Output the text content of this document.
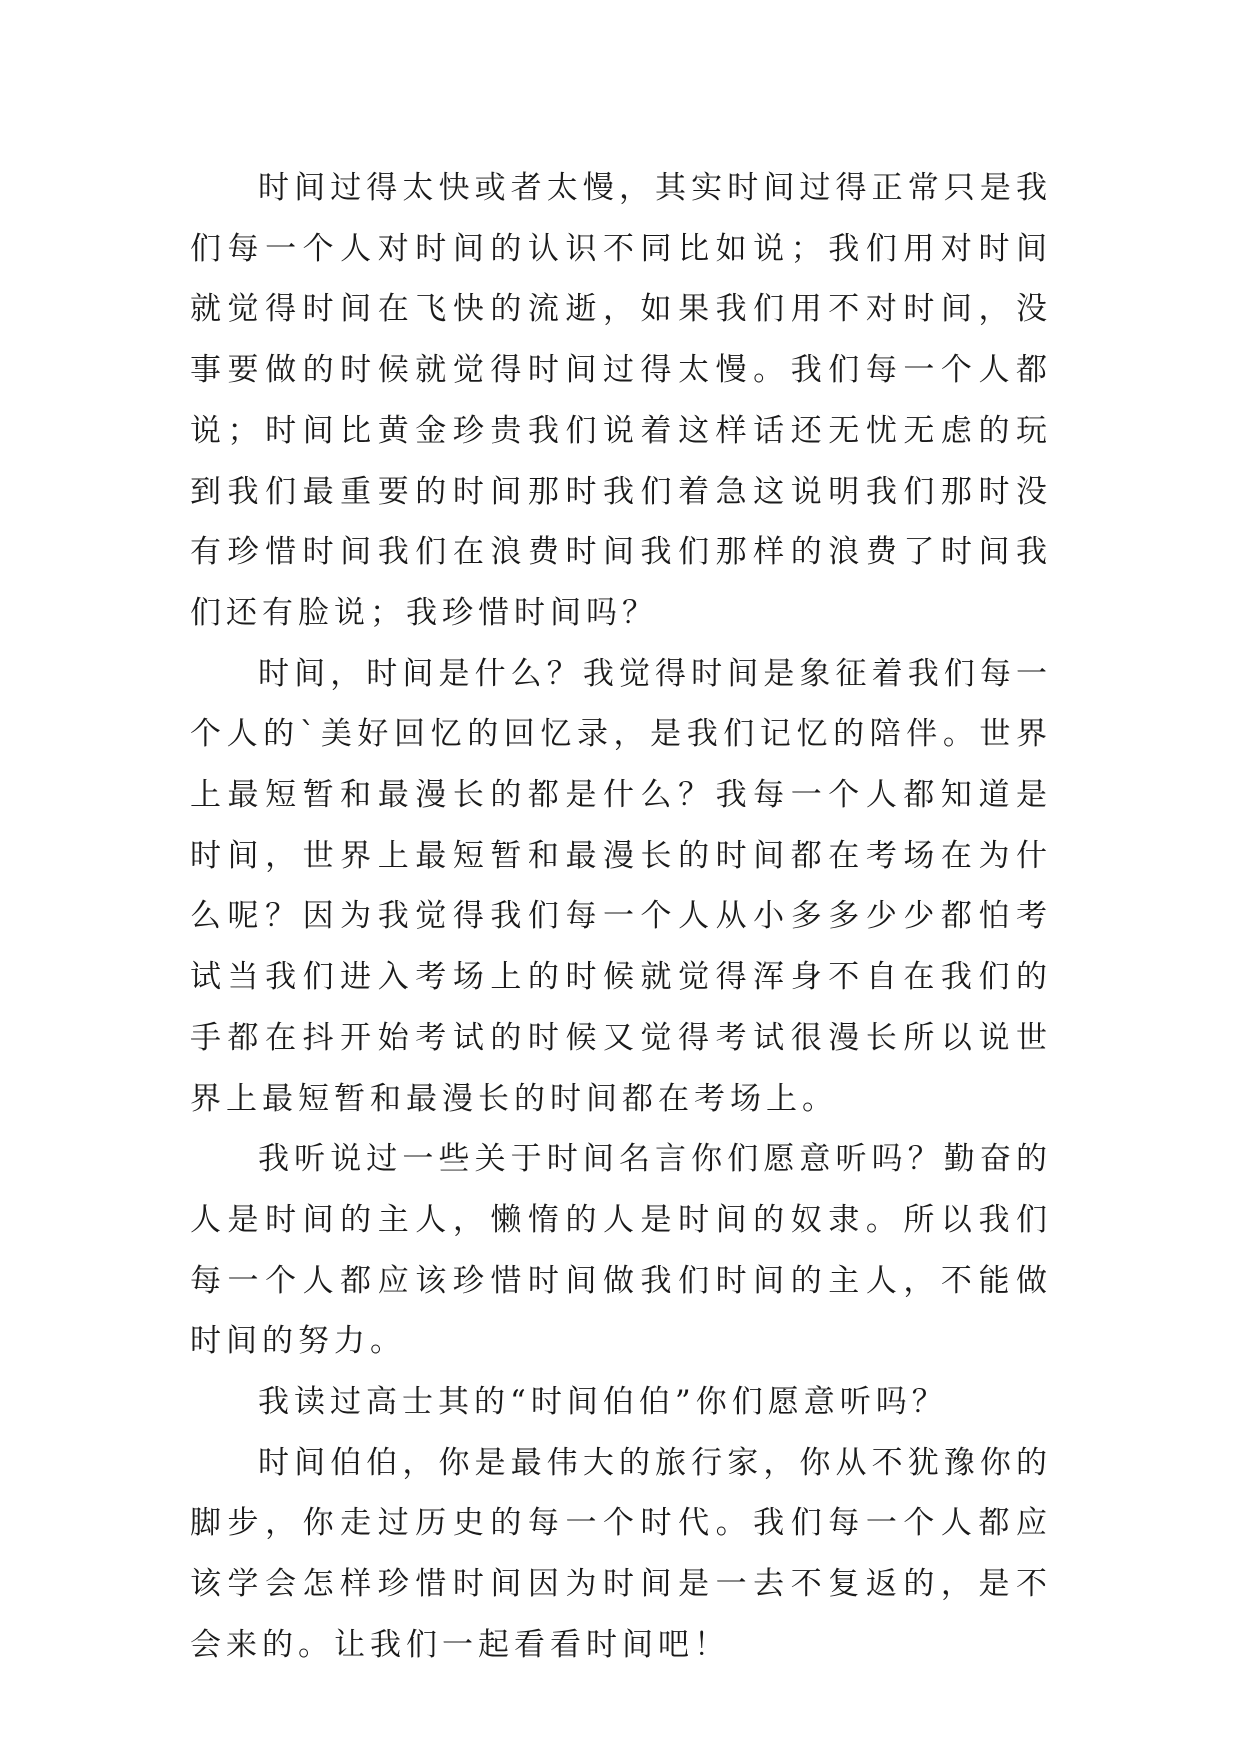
时间过得太快或者太慢，其实时间过得正常只是我们每一个人对时间的认识不同比如说；我们用对时间就觉得时间在飞快的流逝，如果我们用不对时间，没事要做的时候就觉得时间过得太慢。我们每一个人都说；时间比黄金珍贵我们说着这样话还无忧无虑的玩到我们最重要的时间那时我们着急这说明我们那时没有珍惜时间我们在浪费时间我们那样的浪费了时间我们还有脸说；我珍惜时间吗？

时间，时间是什么？我觉得时间是象征着我们每一个人的`美好回忆的回忆录，是我们记忆的陪伴。世界上最短暂和最漫长的都是什么？我每一个人都知道是时间，世界上最短暂和最漫长的时间都在考场在为什么呢？因为我觉得我们每一个人从小多多少少都怕考试当我们进入考场上的时候就觉得浑身不自在我们的手都在抖开始考试的时候又觉得考试很漫长所以说世界上最短暂和最漫长的时间都在考场上。

我听说过一些关于时间名言你们愿意听吗？勤奋的人是时间的主人，懒惰的人是时间的奴隶。所以我们每一个人都应该珍惜时间做我们时间的主人，不能做时间的努力。

我读过高士其的“时间伯伯”你们愿意听吗？

时间伯伯，你是最伟大的旅行家，你从不犹豫你的脚步，你走过历史的每一个时代。我们每一个人都应该学会怎样珍惜时间因为时间是一去不复返的，是不会来的。让我们一起看看时间吧！
